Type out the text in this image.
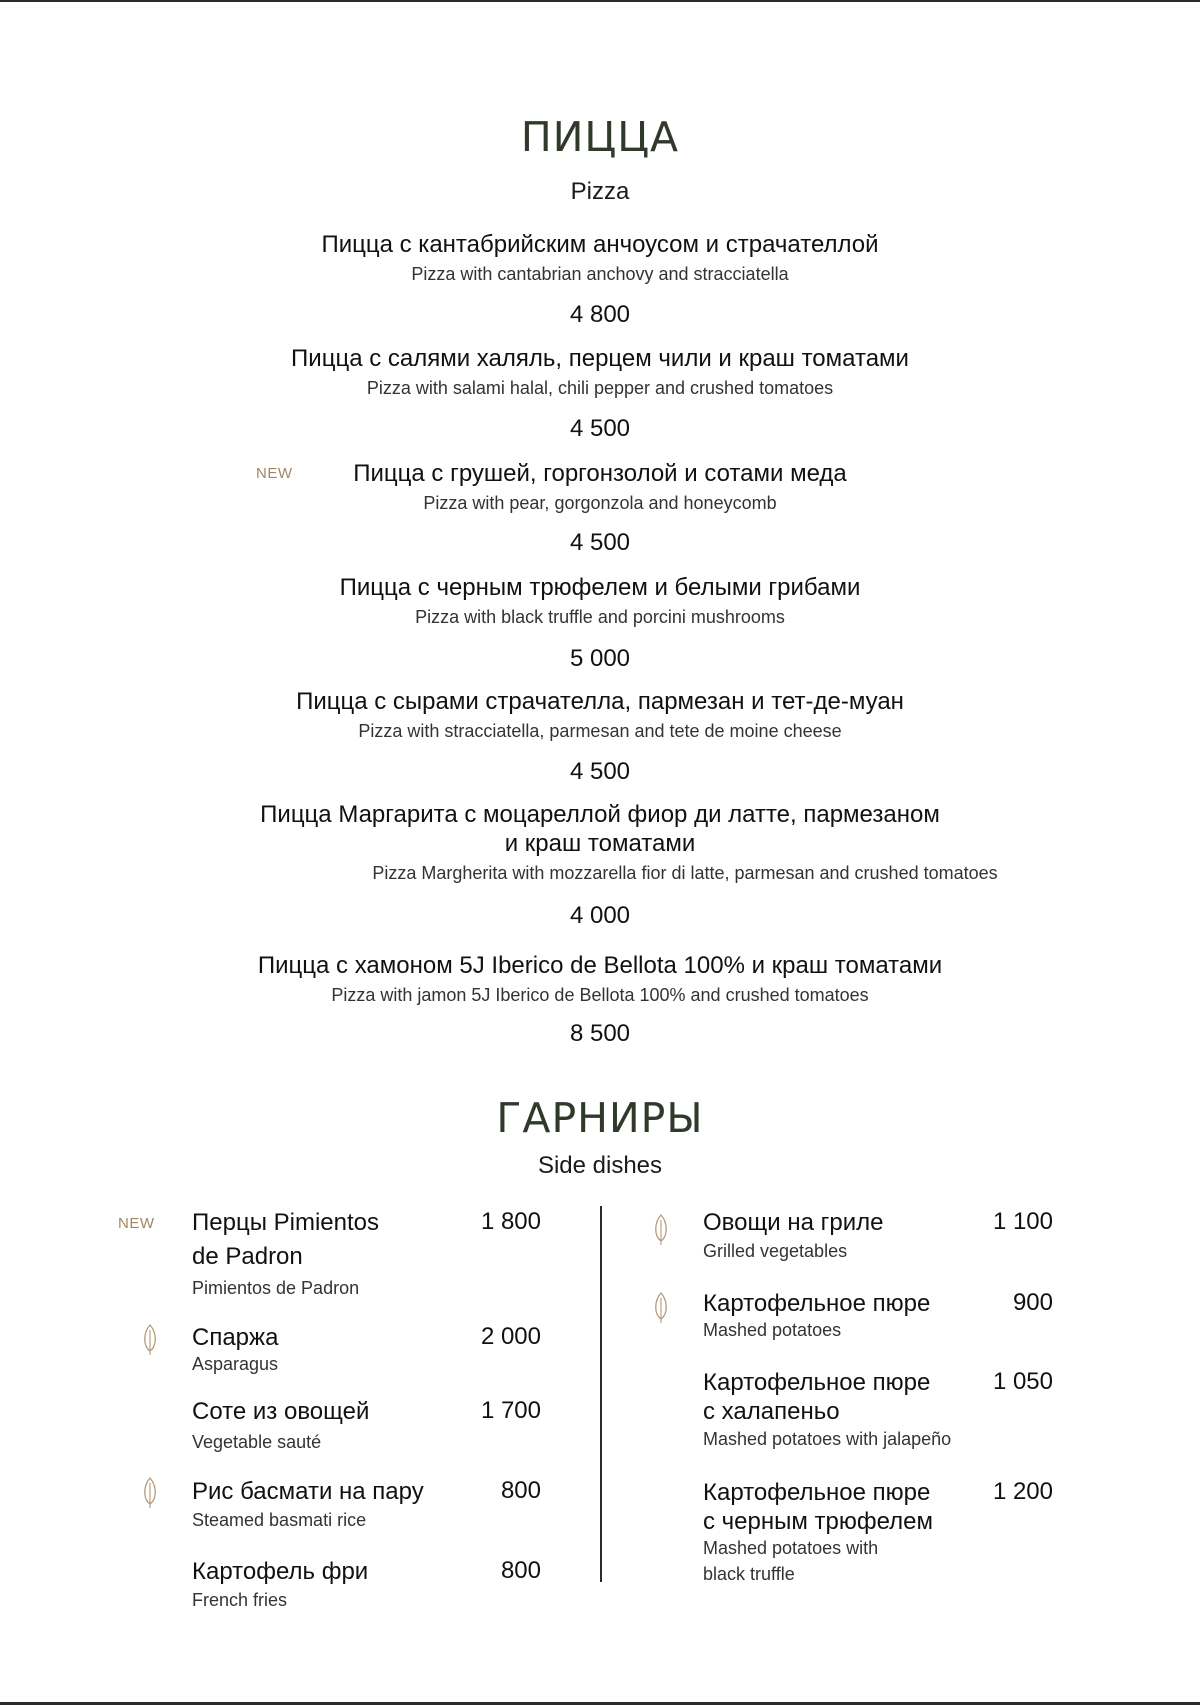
ПИЦЦА
Pizza
Пицца с кантабрийским анчоусом и страчателлой
Pizza with cantabrian anchovy and stracciatella
4 800
Пицца с салями халяль, перцем чили и краш томатами
Pizza with salami halal, chili pepper and crushed tomatoes
4 500
NEW	Пицца с грушей, горгонзолой и сотами меда
Pizza with pear, gorgonzola and honeycomb
4 500
Пицца с черным трюфелем и белыми грибами
Pizza with black truffle and porcini mushrooms
5 000
Пицца с сырами страчателла, пармезан и тет-де-муан
Pizza with stracciatella, parmesan and tete de moine cheese
4 500
Пицца Маргарита с моцареллой фиор ди латте, пармезаном
и краш томатами
Pizza Margherita with mozzarella fior di latte, parmesan and crushed tomatoes
4 000
Пицца с хамоном 5J Iberico de Bellota 100% и краш томатами
Pizza with jamon 5J Iberico de Bellota 100% and crushed tomatoes
8 500
ГАРНИРЫ
Side dishes
NEW Перцы Pimientos
de Padron
Pimientos de Padron
1 800
Спаржа
Asparagus
2 000
Соте из овощей
Vegetable sauté
1 700
Рис басмати на пару
Steamed basmati rice
800
Картофель фри
French fries
800
Овощи на гриле
Grilled vegetables
1 100
Картофельное пюре
Mashed potatoes
900
Картофельное пюре
с халапеньо
Mashed potatoes with jalapeño
1 050
Картофельное пюре
с черным трюфелем
Mashed potatoes with
black truffle
1 200
